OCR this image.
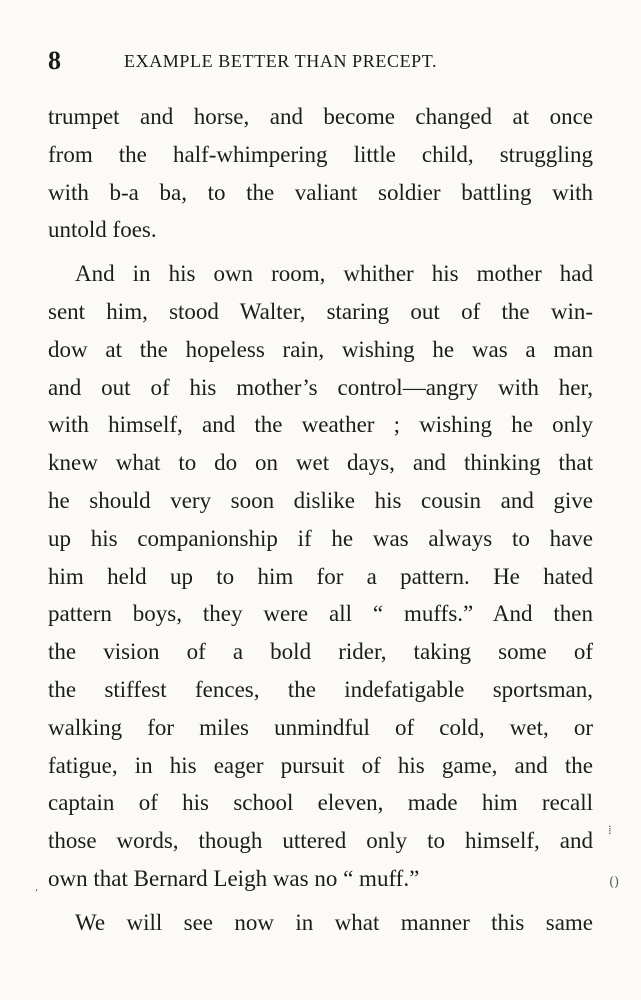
8	EXAMPLE BETTER THAN PRECEPT.
trumpet and horse, and become changed at once
from the half-whimpering little child, struggling
with b-a ba, to the valiant soldier battling with
untold foes.
And in his own room, whither his mother had
sent him, stood Walter, staring out of the win-
dow at the hopeless rain, wishing he was a man
and out of his mother’s control—angry with her,
with himself, and the weather ; wishing he only
knew what to do on wet days, and thinking that
he should very soon dislike his cousin and give
up his companionship if he was always to have
him held up to him for a pattern. He hated
pattern boys, they were all “ muffs.” And then
the vision of a bold rider, taking some of
the stiffest fences, the indefatigable sportsman,
walking for miles unmindful of cold, wet, or
fatigue, in his eager pursuit of his game, and the
captain of his school eleven, made him recall
those words, though uttered only to himself, and
own that Bernard Leigh was no “ muff.”
We will see now in what manner this same
⁞
()
,
